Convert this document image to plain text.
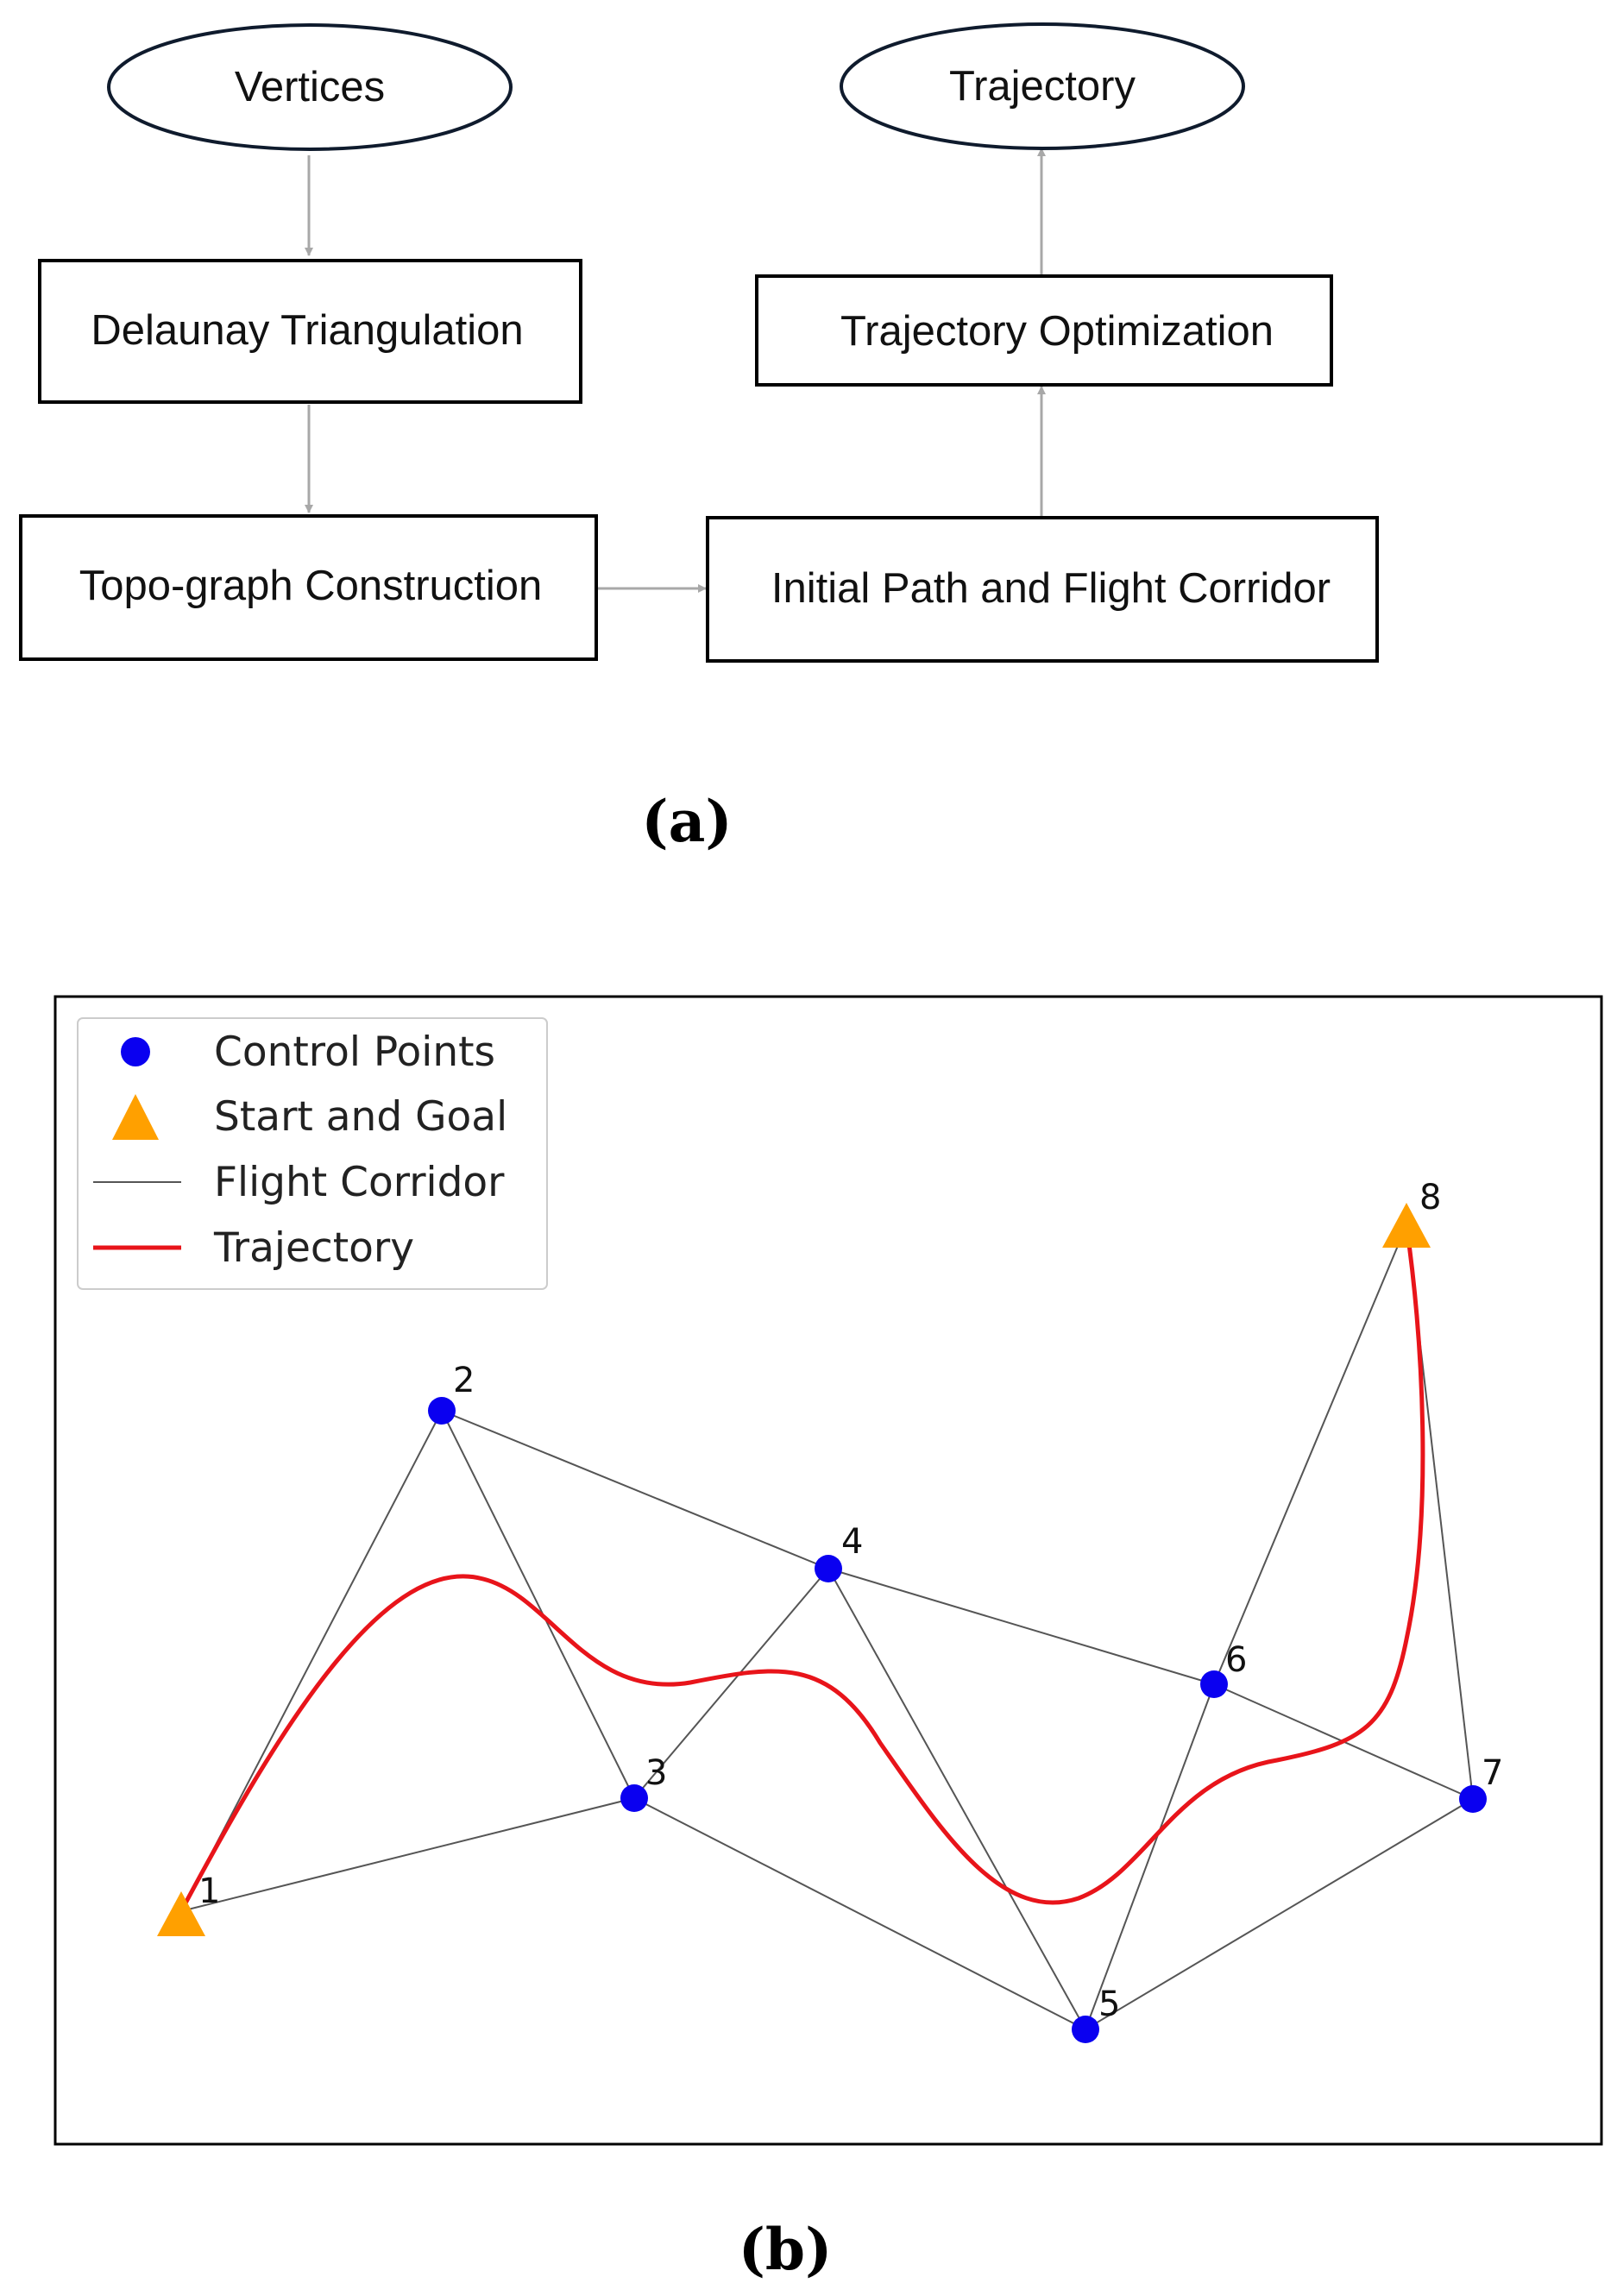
Vertices
Delaunay Triangulation
Topo-graph Construction	Initial Path and Flight Corridor
Trajectory Optimization
Trajectory
(a)
1
2
3
4
5
6
7
8
Control Points
Start and Goal
Flight Corridor
Trajectory
(b)
